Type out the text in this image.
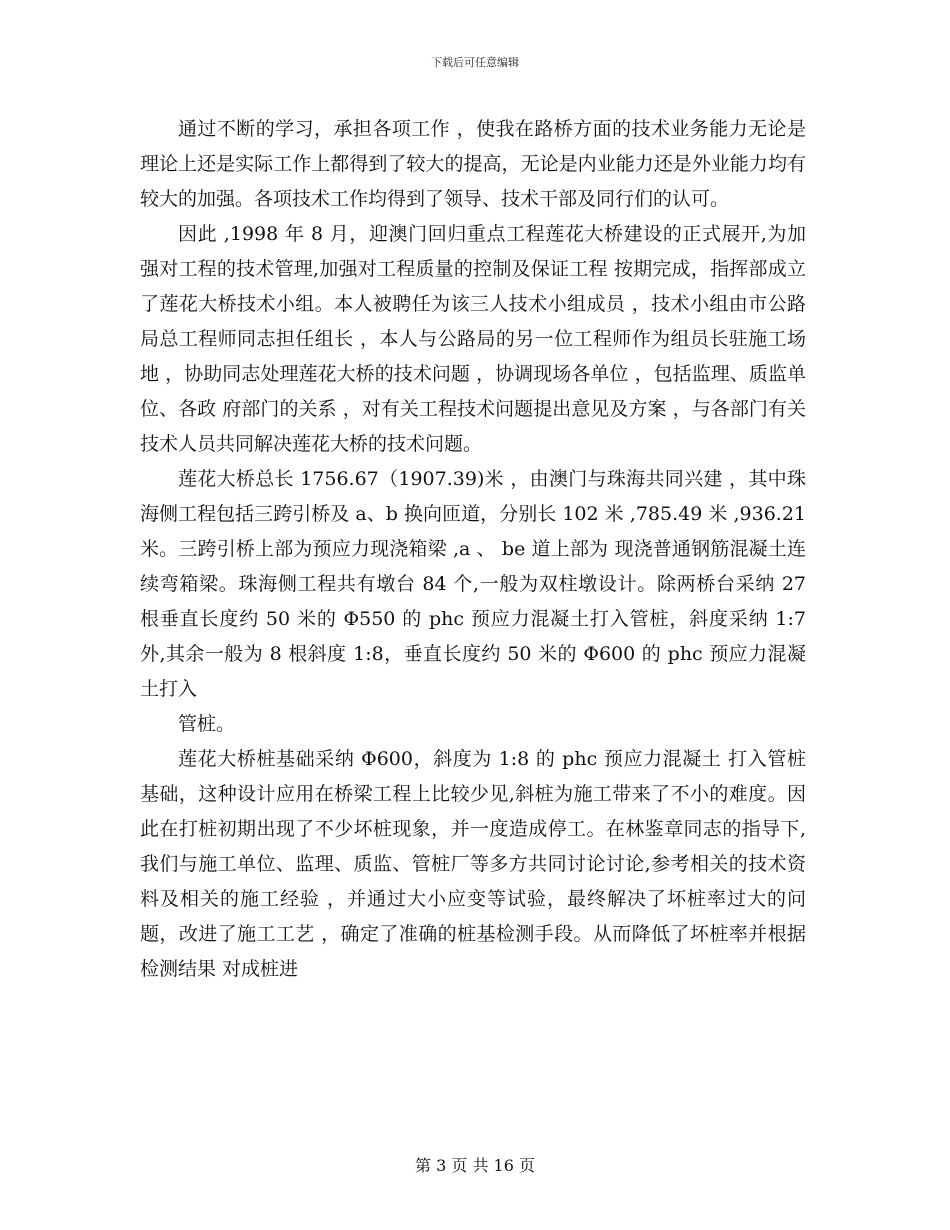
下载后可任意编辑

通过不断的学习，承担各项工作 ，使我在路桥方面的技术业务能力无论是理论上还是实际工作上都得到了较大的提高，无论是内业能力还是外业能力均有较大的加强。各项技术工作均得到了领导、技术干部及同行们的认可。

因此 ,1998 年 8 月，迎澳门回归重点工程莲花大桥建设的正式展开,为加强对工程的技术管理,加强对工程质量的控制及保证工程 按期完成，指挥部成立了莲花大桥技术小组。本人被聘任为该三人技术小组成员 ，技术小组由市公路局总工程师同志担任组长 ，本人与公路局的另一位工程师作为组员长驻施工场地 ，协助同志处理莲花大桥的技术问题 ，协调现场各单位 ，包括监理、质监单位、各政 府部门的关系 ，对有关工程技术问题提出意见及方案 ，与各部门有关 技术人员共同解决莲花大桥的技术问题。

莲花大桥总长 1756.67（1907.39)米 ，由澳门与珠海共同兴建 ，其中珠海侧工程包括三跨引桥及 a、b 换向匝道，分别长 102 米 ,785.49 米 ,936.21 米。三跨引桥上部为预应力现浇箱梁 ,a 、 be 道上部为 现浇普通钢筋混凝土连续弯箱梁。珠海侧工程共有墩台 84 个,一般为双柱墩设计。除两桥台采纳 27 根垂直长度约 50 米的 Φ550 的 phc 预应力混凝土打入管桩，斜度采纳 1:7 外,其余一般为 8 根斜度 1:8，垂直长度约 50 米的 Φ600 的 phc 预应力混凝土打入

管桩。

莲花大桥桩基础采纳 Φ600，斜度为 1:8 的 phc 预应力混凝土 打入管桩基础，这种设计应用在桥梁工程上比较少见,斜桩为施工带来了不小的难度。因此在打桩初期出现了不少坏桩现象，并一度造成停工。在林鉴章同志的指导下,我们与施工单位、监理、质监、管桩厂等多方共同讨论讨论,参考相关的技术资料及相关的施工经验 ，并通过大小应变等试验，最终解决了坏桩率过大的问题，改进了施工工艺 ，确定了准确的桩基检测手段。从而降低了坏桩率并根据检测结果 对成桩进

第 3 页 共 16 页
